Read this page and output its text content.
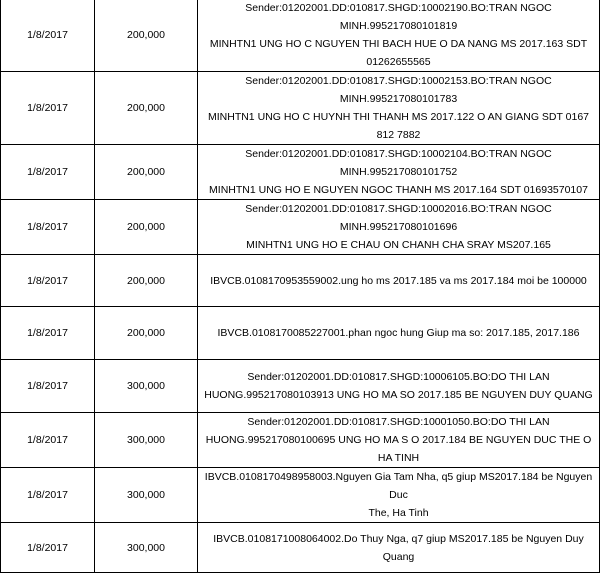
1/8/2017	200,000	Sender:01202001.DD:010817.SHGD:10002190.BO:TRAN NGOC MINH.995217080101819
MINHTN1 UNG HO C NGUYEN THI BACH HUE O DA NANG MS 2017.163 SDT
01262655565

1/8/2017	200,000	Sender:01202001.DD:010817.SHGD:10002153.BO:TRAN NGOC MINH.995217080101783
MINHTN1 UNG HO C HUYNH THI THANH MS 2017.122 O AN GIANG SDT 0167 812 7882

1/8/2017	200,000	Sender:01202001.DD:010817.SHGD:10002104.BO:TRAN NGOC MINH.995217080101752
MINHTN1 UNG HO E NGUYEN NGOC THANH MS 2017.164 SDT 01693570107

1/8/2017	200,000	Sender:01202001.DD:010817.SHGD:10002016.BO:TRAN NGOC MINH.995217080101696
MINHTN1 UNG HO E CHAU ON CHANH CHA SRAY MS207.165

1/8/2017	200,000	IBVCB.0108170953559002.ung ho ms 2017.185 va ms 2017.184 moi be 100000

1/8/2017	200,000	IBVCB.0108170085227001.phan ngoc hung Giup ma so: 2017.185, 2017.186

1/8/2017	300,000	Sender:01202001.DD:010817.SHGD:10006105.BO:DO THI LAN
HUONG.995217080103913 UNG HO MA SO 2017.185 BE NGUYEN DUY QUANG

1/8/2017	300,000	Sender:01202001.DD:010817.SHGD:10001050.BO:DO THI LAN
HUONG.995217080100695 UNG HO MA S O 2017.184 BE NGUYEN DUC THE O HA TINH

1/8/2017	300,000	IBVCB.0108170498958003.Nguyen Gia Tam Nha, q5 giup MS2017.184 be Nguyen Duc
The, Ha Tinh

1/8/2017	300,000	IBVCB.0108171008064002.Do Thuy Nga, q7 giup MS2017.185 be Nguyen Duy Quang
